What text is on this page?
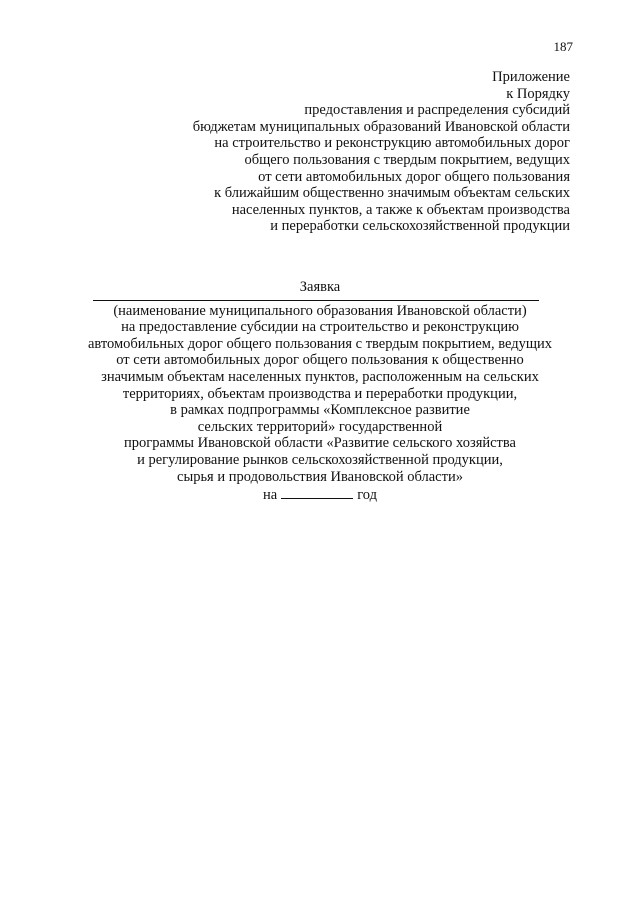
187
Приложение
к Порядку
предоставления и распределения субсидий
бюджетам муниципальных образований Ивановской области
на строительство и реконструкцию автомобильных дорог
общего пользования с твердым покрытием, ведущих
от сети автомобильных дорог общего пользования
к ближайшим общественно значимым объектам сельских
населенных пунктов, а также к объектам производства
и переработки сельскохозяйственной продукции
Заявка
(наименование муниципального образования Ивановской области)
на предоставление субсидии на строительство и реконструкцию
автомобильных дорог общего пользования с твердым покрытием, ведущих
от сети автомобильных дорог общего пользования к общественно
значимым объектам населенных пунктов, расположенным на сельских
территориях, объектам производства и переработки продукции,
в рамках подпрограммы «Комплексное развитие
сельских территорий» государственной
программы Ивановской области «Развитие сельского хозяйства
и регулирование рынков сельскохозяйственной продукции,
сырья и продовольствия Ивановской области»
на	год
